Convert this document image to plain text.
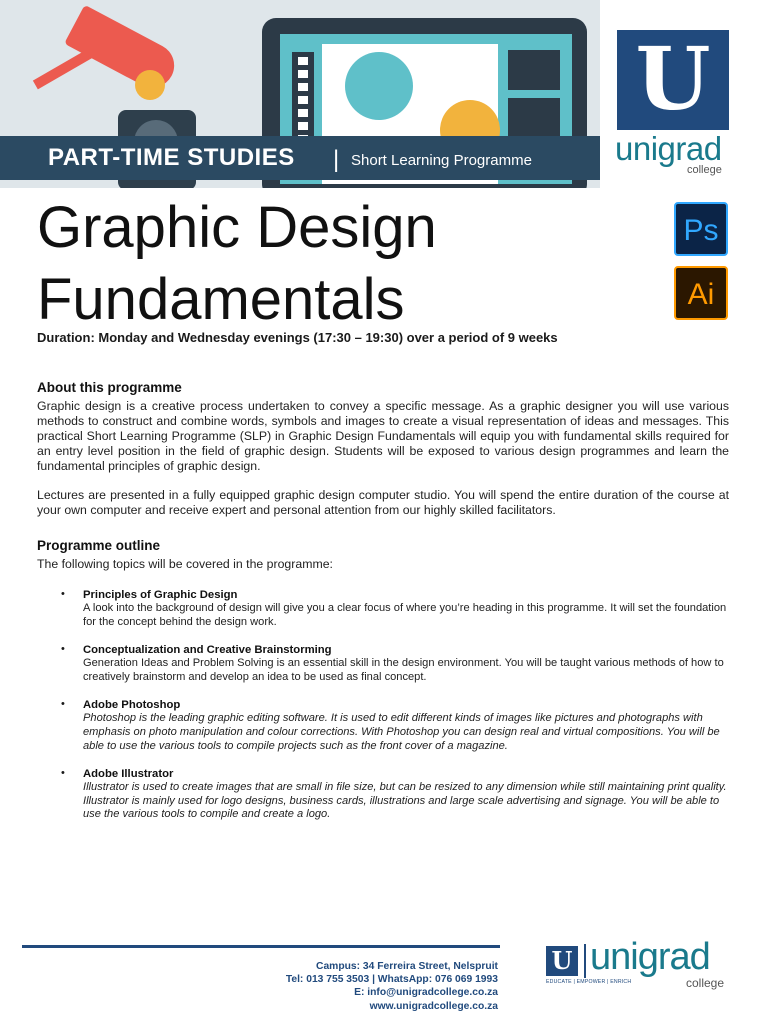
PART-TIME STUDIES | Short Learning Programme
U
unigrad
college
Graphic Design
Fundamentals
Ps
Ai
Duration: Monday and Wednesday evenings (17:30 – 19:30) over a period of 9 weeks
About this programme

Graphic design is a creative process undertaken to convey a specific message. As a graphic designer you will use various methods to construct and combine words, symbols and images to create a visual representation of ideas and messages. This practical Short Learning Programme (SLP) in Graphic Design Fundamentals will equip you with fundamental skills required for an entry level position in the field of graphic design. Students will be exposed to various design programmes and learn the fundamental principles of graphic design.

Lectures are presented in a fully equipped graphic design computer studio. You will spend the entire duration of the course at your own computer and receive expert and personal attention from our highly skilled facilitators.

Programme outline

The following topics will be covered in the programme:

• Principles of Graphic Design
A look into the background of design will give you a clear focus of where you’re heading in this programme. It will set the foundation for the concept behind the design work.
• Conceptualization and Creative Brainstorming
Generation Ideas and Problem Solving is an essential skill in the design environment. You will be taught various methods of how to creatively brainstorm and develop an idea to be used as final concept.
• Adobe Photoshop
Photoshop is the leading graphic editing software. It is used to edit different kinds of images like pictures and photographs with emphasis on photo manipulation and colour corrections. With Photoshop you can design real and virtual compositions. You will be able to use the various tools to compile projects such as the front cover of a magazine.
• Adobe Illustrator
Illustrator is used to create images that are small in file size, but can be resized to any dimension while still maintaining print quality. Illustrator is mainly used for logo designs, business cards, illustrations and large scale advertising and signage. You will be able to use the various tools to compile and create a logo.
Campus: 34 Ferreira Street, Nelspruit
Tel: 013 755 3503 | WhatsApp: 076 069 1993
E: info@unigradcollege.co.za
www.unigradcollege.co.za
U unigrad
EDUCATE | EMPOWER | ENRICH	college
